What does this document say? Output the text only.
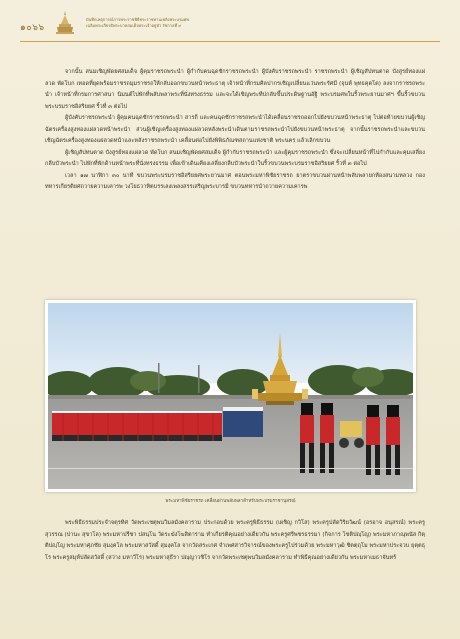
๑๐๖๖
บันทึกเหตุการณ์การพระราชพิธีพระราชทานเพลิงพระบรมศพ
เฉลิมพระเกียรติพระบาทสมเด็จพระเจ้าอยู่หัว รัชกาลที่ ๙

จากนั้น สนมเชิญพัดยศสมเด็จ ผู้คุมราชรถพระนำ ผู้กำกับคนฉุดชักราชรถพระนำ ผู้บังคับราชรถพระนำ ราชรถพระนำ ผู้เชิญสัปทนตาด บังสูรย์ทองแผ่ลวด พัดโบก เทอดที่ยุดพร้อมราชรถมุมราชรถให้กลับออกขบวนหน้าพระธาตุ เจ้าหน้าที่กรมศิลปากรเชิญเปลี่ยนแว่นพระรัศมี (จุนห์ พุทธคุตโต) ลงจากราชรถพระนำ เจ้าหน้าที่กรมการศาสนา นิมนต์ไปพักที่พลับพลาพระที่นั่งทรงธรรม และจะได้เชิญพระทีปกลับขึ้นประดิษฐานอัฐิ พระบรมศพในริ้วพระยานมาศฯ ขึ้นริ้วขบวนพระบรมราชอิสริยยศ ริ้วที่ ๓ ต่อไป

ผู้บังคับราชรถพระนำ ผู้คุมคนฉุดชักราชรถพระนำ สารถี และคนฉุดชักราชรถพระนำได้เคลื่อนราชรถออกไปยังขบวนหน้าพระธาตุ ไปต่อท้ายขบวนผู้เชิญฉัตรเครื่องสูงทองแผ่ลวดหน้าพระนำ ส่วนผู้เชิญเครื่องสูงทองแผ่ลวดหลังพระนำเดินตามราชรถพระนำไปยังขบวนหน้าพระธาตุ จากนั้นราชรถพระนำและขบวนเชิญฉัตรเครื่องสูงทองแผ่ลวดหน้าและหลังราชรถพระนำ เคลื่อนต่อไปยังพิพิธภัณฑสถานแห่งชาติ พระนคร แล้วเลิกขบวน

ผู้เชิญสัปทนตาด บังสูรย์ทองแผ่ลวด พัดโบก สนมเชิญพัดยศสมเด็จ ผู้กำกับราชรถพระนำ และผู้คุมราชรถพระนำ ซึ่งจะเปลี่ยนหน้าที่ไปกำกับและคุมเสลี่ยงกลีบบัวพระนำ ไปพักที่พักด้านหน้าพระที่นั่งทรงธรรม เพื่อเข้าเดินเคียงเสลี่ยงกลีบบัวพระนำในริ้วขบวนพระบรมราชอิสริยยศ ริ้วที่ ๓ ต่อไป

เวลา ๑๗ นาฬิกา ๓๐ นาที ขบวนพระบรมราชอิสริยยศพระยานมาศ ตอนพระมหาพิชัยราชรถ ยาตราขบวนผ่านหน้าพลับพลายกท้องสนามหลวง กองทหารเกียรติยศถวายความเคารพ วงโยธวาทิตบรรเลงเพลงสรรเสริญพระบารมี ขบวนทหารนำถวายความเคารพ

พระมหาพิชัยราชรถ เคลื่อนผ่านพลับพลาสำหรับพระบรมราชานุสรณ์

พระพิธีธรรมประจำจตุรทิศ วัดพระเชตุพนวิมลมังคลาราม ประกอบด้วย พระครูพิธีธรรม (เผชิญ กวิโส) พระครูปลัดวิริยวัฒน์ (อรอาจ อนุสรณ์) พระครูสุวรรณ (ปานะ สุขาโล) พระมหาปรีชา ปสนฺโน วัดระฆังโฆสิตาราม ทำเกียรติคุณอย่างเดียวกัน พระครูศรีพชรธรรมา (กิจการ โชติปญฺโญ) พระมหาภาณุพนัส กิตฺติปญฺโญ พระมหาศุภชัย สุมงฺคโล พระมหาสวัสดิ์ สุมงฺคโล จากวัดสระเกศ จำเพศสารวิจารณ์ของพระครูไปร่วมด้วย พระมหาวุฒิ ชิตตฺถุโม พระมหาประจวบ ยุตฺตธุโร พระครูสมุห์ปลัดสวัสดิ์ (สว่าง มหาวีโร) พระมหาสุธีรา ปญฺญาวชิโร จากวัดพระเชตุพนวิมลมังคลาราม ทำพิธีคุณอย่างเดียวกัน พระมหาเมธาจันทร์
